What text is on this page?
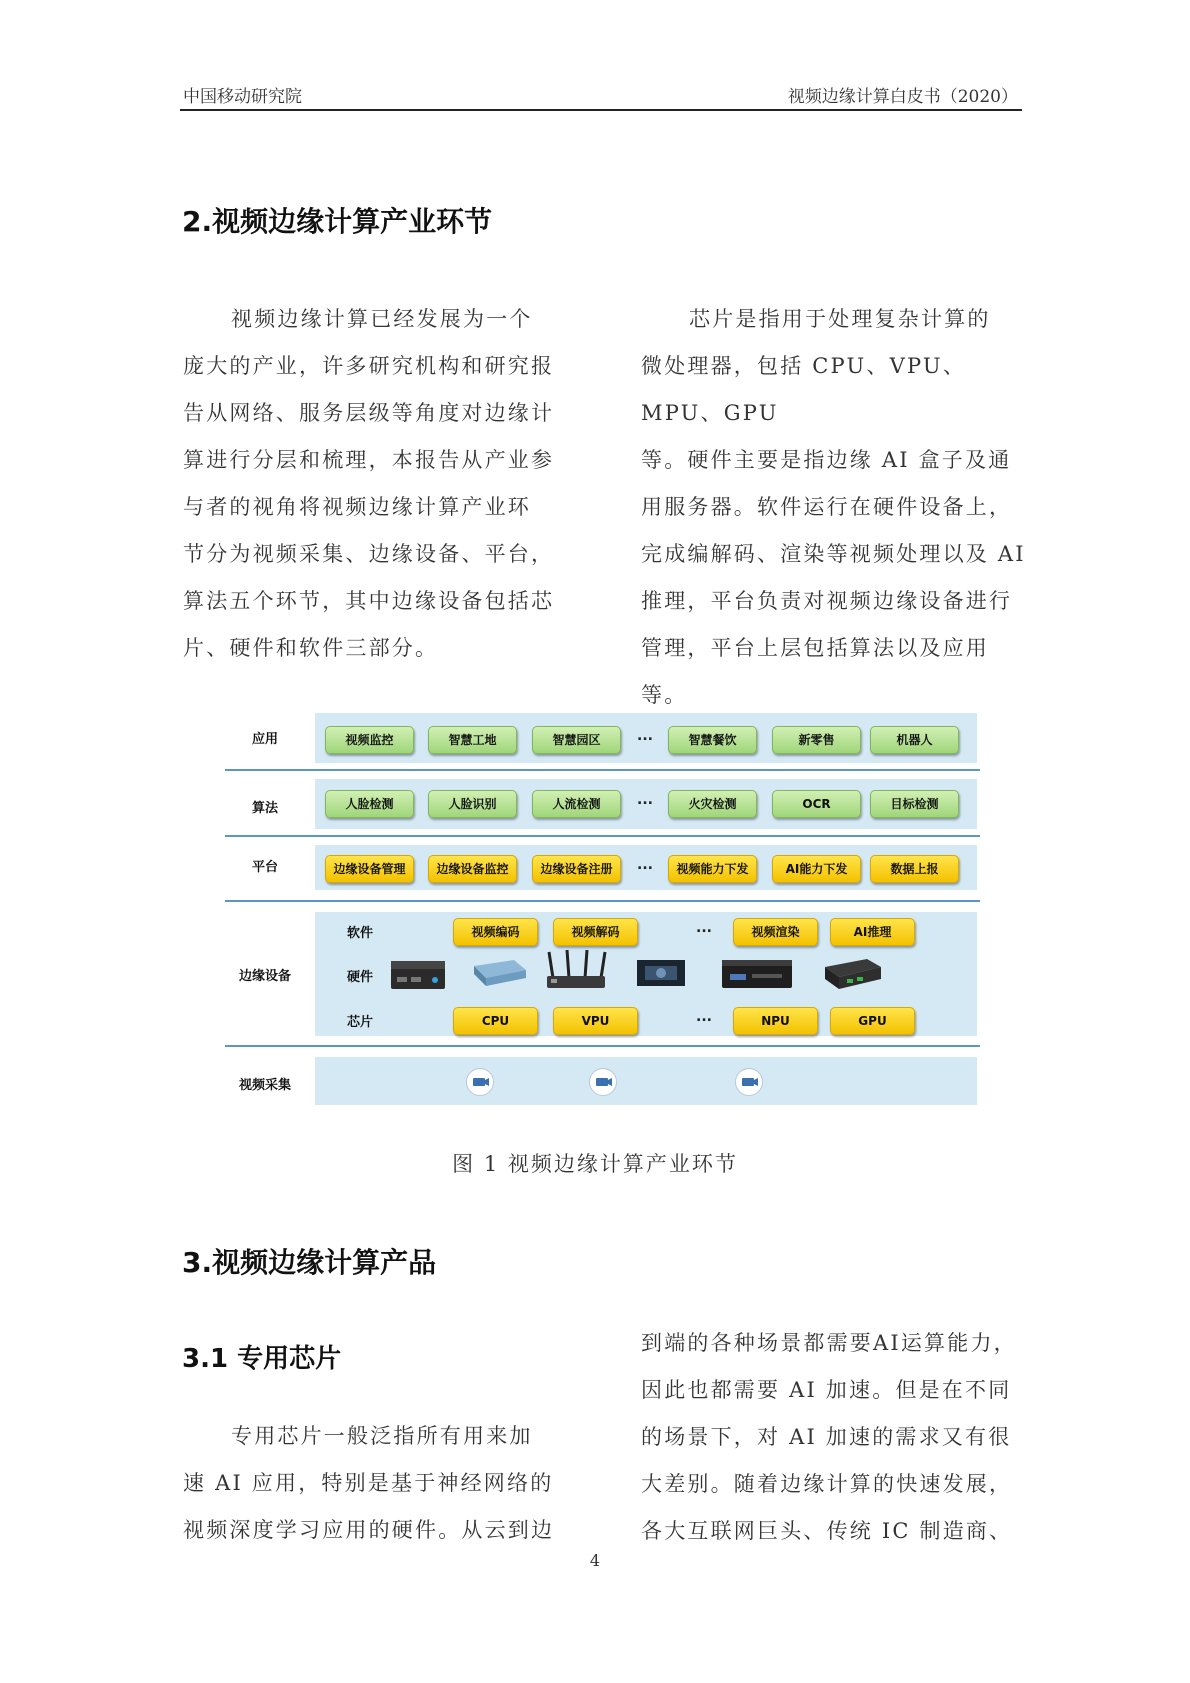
中国移动研究院	视频边缘计算白皮书（2020）
2.视频边缘计算产业环节

视频边缘计算已经发展为一个

庞大的产业，许多研究机构和研究报

告从网络、服务层级等角度对边缘计

算进行分层和梳理，本报告从产业参

与者的视角将视频边缘计算产业环

节分为视频采集、边缘设备、平台，

算法五个环节，其中边缘设备包括芯

片、硬件和软件三部分。

芯片是指用于处理复杂计算的

微处理器，包括 CPU、VPU、MPU、GPU

等。硬件主要是指边缘 AI 盒子及通

用服务器。软件运行在硬件设备上，

完成编解码、渲染等视频处理以及 AI

推理，平台负责对视频边缘设备进行

管理，平台上层包括算法以及应用

等。

应用	视频监控	智慧工地	智慧园区	...	智慧餐饮	新零售	机器人
算法	人脸检测	人脸识别	人流检测	...	火灾检测	OCR	目标检测
平台	边缘设备管理	边缘设备监控	边缘设备注册	...	视频能力下发	AI能力下发	数据上报
边缘设备
软件
硬件
芯片
视频编码	视频解码	...	视频渲染	AI推理
CPU	VPU	...	NPU	GPU
视频采集
图 1 视频边缘计算产业环节
3.视频边缘计算产品
3.1 专用芯片

专用芯片一般泛指所有用来加

速 AI 应用，特别是基于神经网络的

视频深度学习应用的硬件。从云到边

到端的各种场景都需要AI运算能力，

因此也都需要 AI 加速。但是在不同

的场景下，对 AI 加速的需求又有很

大差别。随着边缘计算的快速发展，

各大互联网巨头、传统 IC 制造商、

4
